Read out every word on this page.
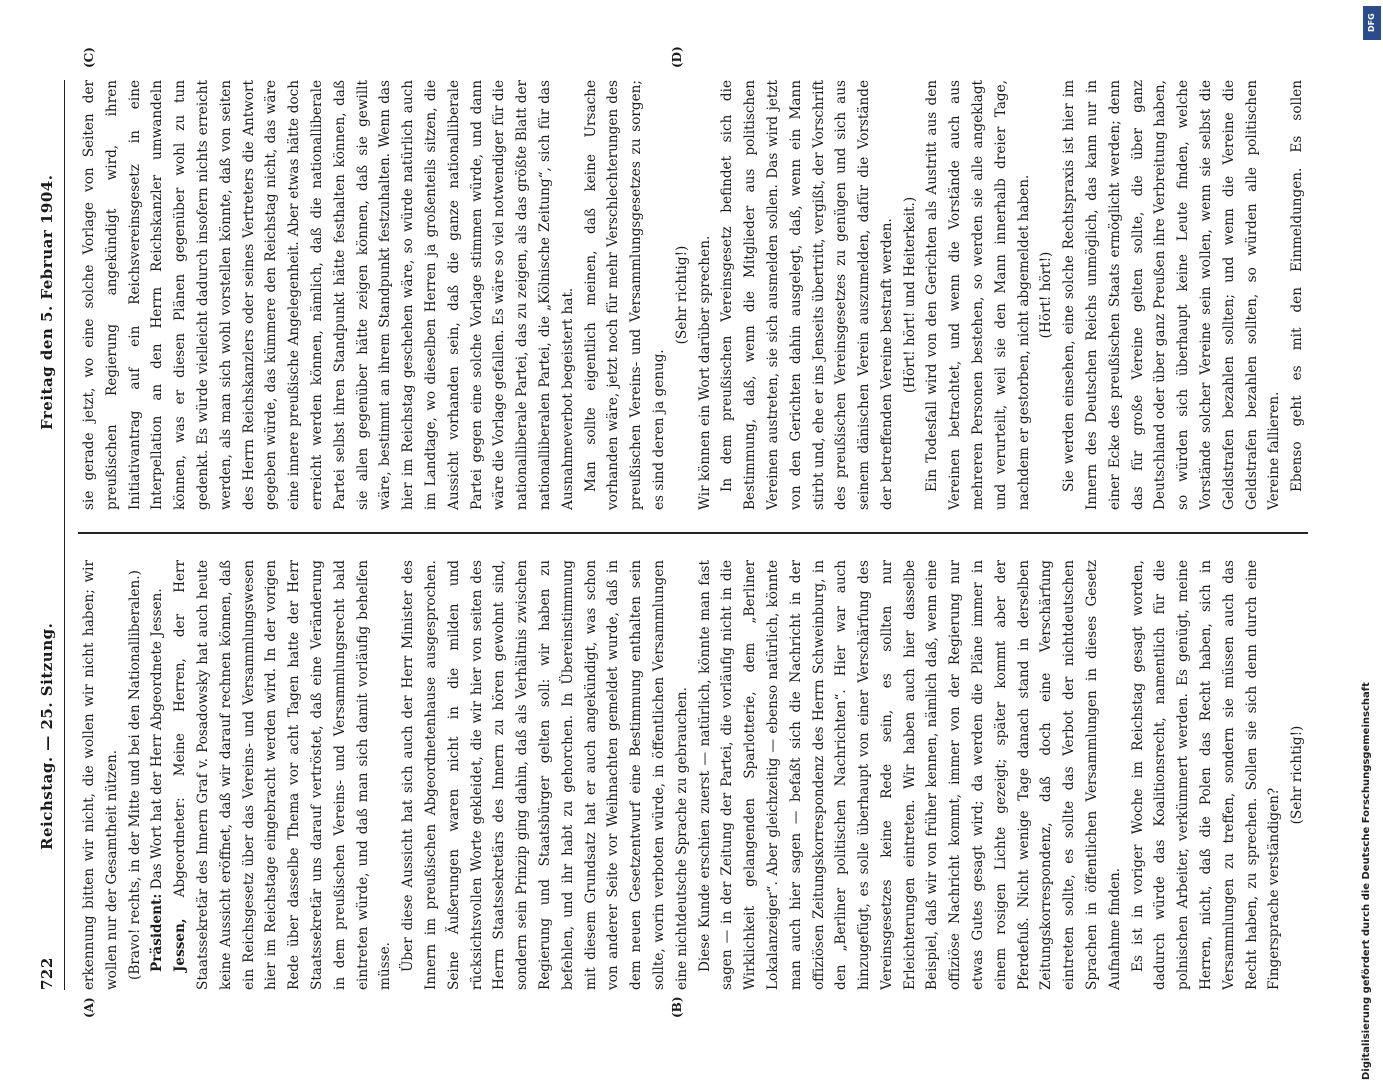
722
Reichstag. — 25. Sitzung.
Freitag den 5. Februar 1904.

erkennung bitten wir nicht, die wollen wir nicht haben; wir wollen nur der Gesamtheit nützen. (Bravo! rechts, in der Mitte und bei den Nationalliberalen.) Präsident: Das Wort hat der Herr Abgeordnete Jessen.

Jessen, Abgeordneter: Meine Herren, der Herr Staatssekretär des Innern Graf v. Posadowsky hat auch heute keine Aussicht eröffnet, daß wir darauf rechnen können, daß ein Reichsgesetz über das Vereins- und Versammlungswesen hier im Reichstage eingebracht werden wird. In der vorigen Rede über dasselbe Thema vor acht Tagen hatte der Herr Staatssekretär uns darauf vertröstet, daß eine Veränderung in dem preußischen Vereins- und Versammlungsrecht bald eintreten würde, und daß man sich damit vorläufig behelfen müsse. Über diese Aussicht hat sich auch der Herr Minister des Innern im preußischen Abgeordnetenhause ausgesprochen. Seine Äußerungen waren nicht in die milden und rücksichtsvollen Worte gekleidet, die wir hier von seiten des Herrn Staatssekretärs des Innern zu hören gewohnt sind, sondern sein Prinzip ging dahin, daß als Verhältnis zwischen Regierung und Staatsbürger gelten soll: wir haben zu befehlen, und ihr habt zu gehorchen. In Übereinstimmung mit diesem Grundsatz hat er auch angekündigt, was schon von anderer Seite vor Weihnachten gemeldet wurde, daß in dem neuen Gesetzentwurf eine Bestimmung enthalten sein sollte, worin verboten würde, in öffentlichen Versammlungen eine nichtdeutsche Sprache zu gebrauchen. Diese Kunde erschien zuerst — natürlich, könnte man fast sagen — in der Zeitung der Partei, die vorläufig nicht in die Wirklichkeit gelangenden Sparlotterie, dem „Berliner Lokalanzeiger“. Aber gleichzeitig — ebenso natürlich, könnte man auch hier sagen — befaßt sich die Nachricht in der offiziösen Zeitungskorrespondenz des Herrn Schweinburg, in den „Berliner politischen Nachrichten“. Hier war auch hinzugefügt, es solle überhaupt von einer Verschärfung des Vereinsgesetzes keine Rede sein, es sollten nur Erleichterungen eintreten. Wir haben auch hier dasselbe Beispiel, daß wir von früher kennen, nämlich daß, wenn eine offiziöse Nachricht kommt, immer von der Regierung nur etwas Gutes gesagt wird; da werden die Pläne immer in einem rosigen Lichte gezeigt; später kommt aber der Pferdefuß. Nicht wenige Tage danach stand in derselben Zeitungskorrespondenz, daß doch eine Verschärfung eintreten sollte, es sollte das Verbot der nichtdeutschen Sprachen in öffentlichen Versammlungen in dieses Gesetz Aufnahme finden. Es ist in voriger Woche im Reichstag gesagt worden, dadurch würde das Koalitionsrecht, namentlich für die polnischen Arbeiter, verkümmert werden. Es genügt, meine Herren, nicht, daß die Polen das Recht haben, sich in Versammlungen zu treffen, sondern sie müssen auch das Recht haben, zu sprechen. Sollen sie sich denn durch eine Fingersprache verständigen?

(Sehr richtig!)

sie gerade jetzt, wo eine solche Vorlage von Seiten der preußischen Regierung angekündigt wird, ihren Initiativantrag auf ein Reichsvereinsgesetz in eine Interpellation an den Herrn Reichskanzler umwandeln können, was er diesen Plänen gegenüber wohl zu tun gedenkt. Es würde vielleicht dadurch insofern nichts erreicht werden, als man sich wohl vorstellen könnte, daß von seiten des Herrn Reichskanzlers oder seines Vertreters die Antwort gegeben würde, das kümmere den Reichstag nicht, das wäre eine innere preußische Angelegenheit. Aber etwas hätte doch erreicht werden können, nämlich, daß die nationalliberale Partei selbst ihren Standpunkt hätte festhalten können, daß sie allen gegenüber hätte zeigen können, daß sie gewillt wäre, bestimmt an ihrem Standpunkt festzuhalten. Wenn das hier im Reichstag geschehen wäre, so würde natürlich auch im Landtage, wo dieselben Herren ja großenteils sitzen, die Aussicht vorhanden sein, daß die ganze nationalliberale Partei gegen eine solche Vorlage stimmen würde, und dann wäre die Vorlage gefallen. Es wäre so viel notwendiger für die nationalliberale Partei, das zu zeigen, als das größte Blatt der nationalliberalen Partei, die „Kölnische Zeitung“, sich für das Ausnahmeverbot begeistert hat. Man sollte eigentlich meinen, daß keine Ursache vorhanden wäre, jetzt noch für mehr Verschlechterungen des preußischen Vereins- und Versammlungsgesetzes zu sorgen; es sind deren ja genug.

(Sehr richtig!) Wir können ein Wort darüber sprechen. In dem preußischen Vereinsgesetz befindet sich die Bestimmung, daß, wenn die Mitglieder aus politischen Vereinen austreten, sie sich ausmelden sollen. Das wird jetzt von den Gerichten dahin ausgelegt, daß, wenn ein Mann stirbt und, ehe er ins Jenseits übertritt, vergißt, der Vorschrift des preußischen Vereinsgesetzes zu genügen und sich aus seinem dänischen Verein auszumelden, dafür die Vorstände der betreffenden Vereine bestraft werden. (Hört! hört! und Heiterkeit.) Ein Todesfall wird von den Gerichten als Austritt aus den Vereinen betrachtet, und wenn die Vorstände auch aus mehreren Personen bestehen, so werden sie alle angeklagt und verurteilt, weil sie den Mann innerhalb dreier Tage, nachdem er gestorben, nicht abgemeldet haben. (Hört! hört!) Sie werden einsehen, eine solche Rechtspraxis ist hier im Innern des Deutschen Reichs unmöglich, das kann nur in einer Ecke des preußischen Staats ermöglicht werden; denn das für große Vereine gelten sollte, die über ganz Deutschland oder über ganz Preußen ihre Verbreitung haben, so würden sich überhaupt keine Leute finden, welche Vorstände solcher Vereine sein wollen, wenn sie selbst die Geldstrafen bezahlen sollten; und wenn die Vereine die Geldstrafen bezahlen sollten, so würden alle politischen Vereine fallieren. Ebenso geht es mit den Einmeldungen. Es sollen

(A)	(B)
(C)	(D)
DFG
Digitalisierung gefördert durch die Deutsche Forschungsgemeinschaft
